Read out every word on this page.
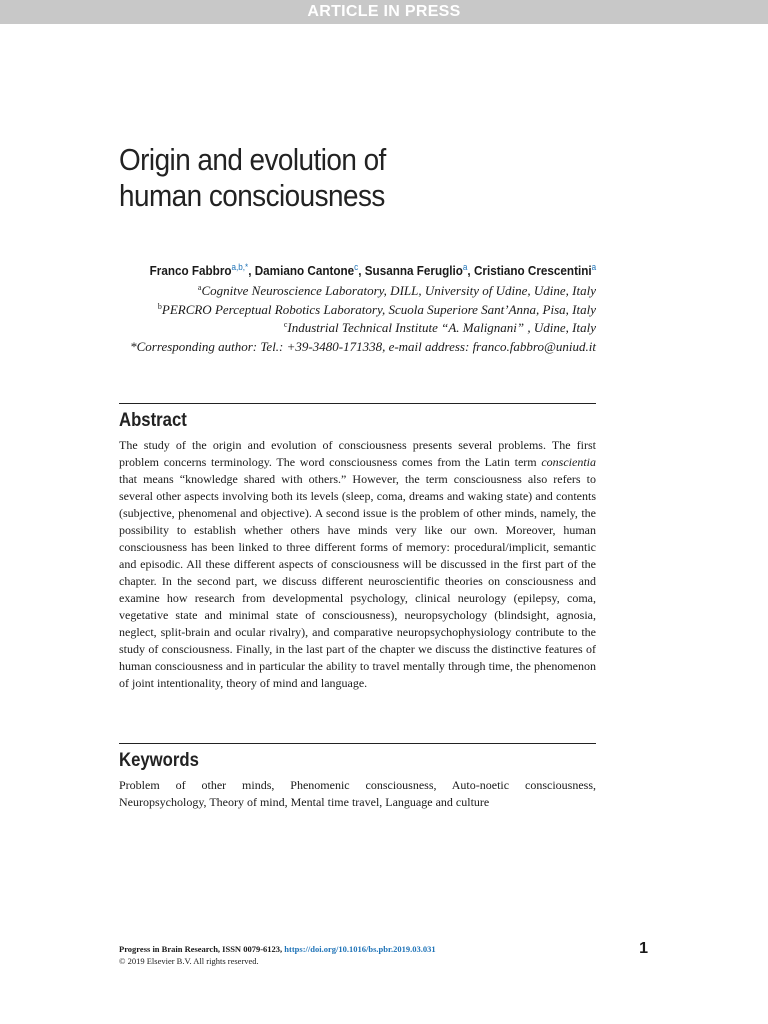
ARTICLE IN PRESS
Origin and evolution of
human consciousness
Franco Fabbro$^{a,b,*}$, Damiano Cantone$^c$, Susanna Feruglio$^a$, Cristiano Crescentini$^a$
$^a$Cognitve Neuroscience Laboratory, DILL, University of Udine, Udine, Italy
$^b$PERCRO Perceptual Robotics Laboratory, Scuola Superiore Sant’Anna, Pisa, Italy
$^c$Industrial Technical Institute “A. Malignani” , Udine, Italy
*Corresponding author: Tel.: +39-3480-171338, e-mail address: franco.fabbro@uniud.it
Abstract

The study of the origin and evolution of consciousness presents several problems. The first problem concerns terminology. The word consciousness comes from the Latin term conscientia that means “knowledge shared with others.” However, the term consciousness also refers to several other aspects involving both its levels (sleep, coma, dreams and waking state) and contents (subjective, phenomenal and objective). A second issue is the problem of other minds, namely, the possibility to establish whether others have minds very like our own. Moreover, human consciousness has been linked to three different forms of memory: procedural/implicit, semantic and episodic. All these different aspects of consciousness will be discussed in the first part of the chapter. In the second part, we discuss different neuroscientific theories on consciousness and examine how research from developmental psychology, clinical neurology (epilepsy, coma, vegetative state and minimal state of consciousness), neuropsychology (blindsight, agnosia, neglect, split-brain and ocular rivalry), and comparative neuropsychophysiology contribute to the study of consciousness. Finally, in the last part of the chapter we discuss the distinctive features of human consciousness and in particular the ability to travel mentally through time, the phenomenon of joint intentionality, theory of mind and language.

Keywords

Problem of other minds, Phenomenic consciousness, Auto-noetic consciousness, Neuropsychology, Theory of mind, Mental time travel, Language and culture

Progress in Brain Research, ISSN 0079-6123, https://doi.org/10.1016/bs.pbr.2019.03.031
© 2019 Elsevier B.V. All rights reserved.
1
